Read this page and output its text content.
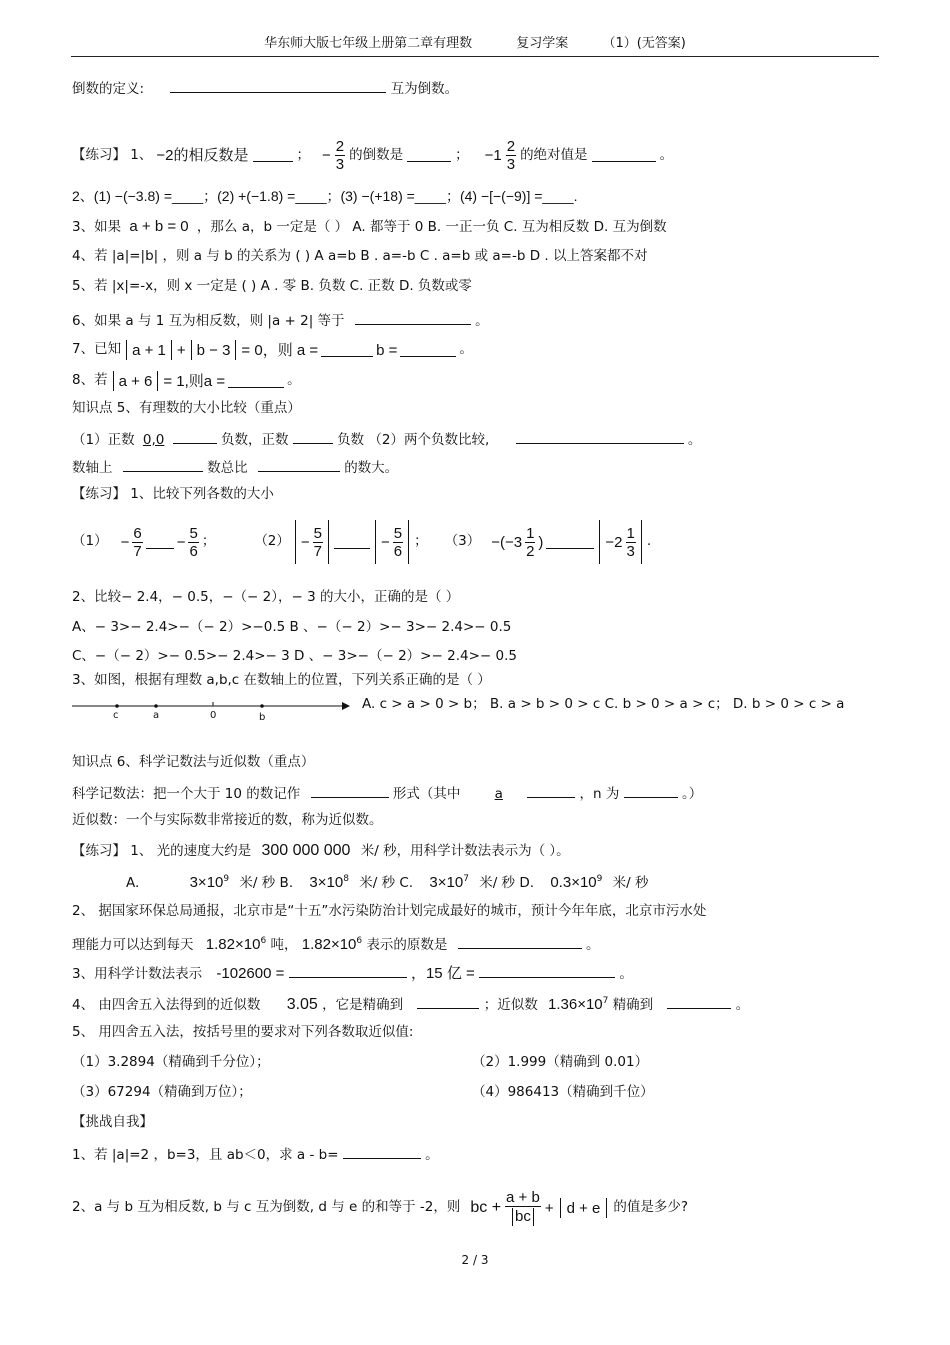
华东师大版七年级上册第二章有理数	复习学案	（1）(无答案)
倒数的定义:	互为倒数。
【练习】 1、 −2的相反数是	； − $\frac{2}{3}$ 的倒数是	； $-1 \frac{2}{3}$ 的绝对值是	。
2、(1) −(−3.8) =____；(2) +(−1.8) =____；(3) −(+18) =____；(4) −[−(−9)] =____.
3、如果 a + b = 0 ，那么 a，b 一定是（ ） A. 都等于 0 B. 一正一负 C. 互为相反数 D. 互为倒数
4、若 |a|=|b| ，则 a 与 b 的关系为 ( ) A a=b B . a=-b C . a=b 或 a=-b D . 以上答案都不对
5、若 |x|=-x，则 x 一定是 ( ) A . 零 B. 负数 C. 正数 D. 负数或零
6、如果 a 与 1 互为相反数，则 |a + 2| 等于	。
7、已知 a + 1 + b − 3 = 0，则 a =	b =	。
8、若 a + 6 = 1,则a =	。
知识点 5、有理数的大小比较（重点）
（1）正数 0,0	负数，正数	负数 （2）两个负数比较,	。
数轴上	数总比	的数大。
【练习】 1、比较下列各数的大小
$(1) - \frac{6}{7} - \frac{5}{6}$ ；	$(2) - \frac{5}{7}$	− $\frac{5}{6}$ ； $(3) -(-3 \frac{1}{2}$ )	$-2 \frac{1}{3}$ .
2、比较− 2.4，− 0.5，−（− 2），− 3 的大小，正确的是（ ）
A、− 3>− 2.4>−（− 2）>−0.5 B 、−（− 2）>− 3>− 2.4>− 0.5
C、−（− 2）>− 0.5>− 2.4>− 3 D 、− 3>−（− 2）>− 2.4>− 0.5
3、如图，根据有理数 a,b,c 在数轴上的位置，下列关系正确的是（ ）
c	a	0	b
A. c > a > 0 > b； B. a > b > 0 > c C. b > 0 > a > c； D. b > 0 > c > a
知识点 6、科学记数法与近似数（重点）
科学记数法：把一个大于 10 的数记作	形式（其中	a	，n 为	。）
近似数：一个与实际数非常接近的数，称为近似数。
【练习】 1、 光的速度大约是 300 000 000 米/ 秒，用科学计数法表示为（ ）。
A.	$3\times 10^9$ 米/ 秒 B. $3\times 10^8$ 米/ 秒 C. $3\times 10^7$ 米/ 秒 D. $0.3\times 10^9$ 米/ 秒
2、 据国家环保总局通报，北京市是“十五”水污染防治计划完成最好的城市，预计今年年底，北京市污水处
理能力可以达到每天 $1.82\times 10^6$ 吨， $1.82\times 10^6$ 表示的原数是	。
3、用科学计数法表示 -102600 =	，15 亿 =	。
4、 由四舍五入法得到的近似数 3.05 ，它是精确到	；近似数 $1.36\times 10^7$ 精确到	。
5、 用四舍五入法，按括号里的要求对下列各数取近似值:
（1）3.2894（精确到千分位）；	（2）1.999（精确到 0.01）
（3）67294（精确到万位）；	（4）986413（精确到千位）
【挑战自我】
1、若 |a|=2 ，b=3，且 ab＜0，求 a - b=	。
2、a 与 b 互为相反数, b 与 c 互为倒数, d 与 e 的和等于 -2，则 bc + $\frac{a + b}{bc} + d + e$ 的值是多少?
2 / 3
